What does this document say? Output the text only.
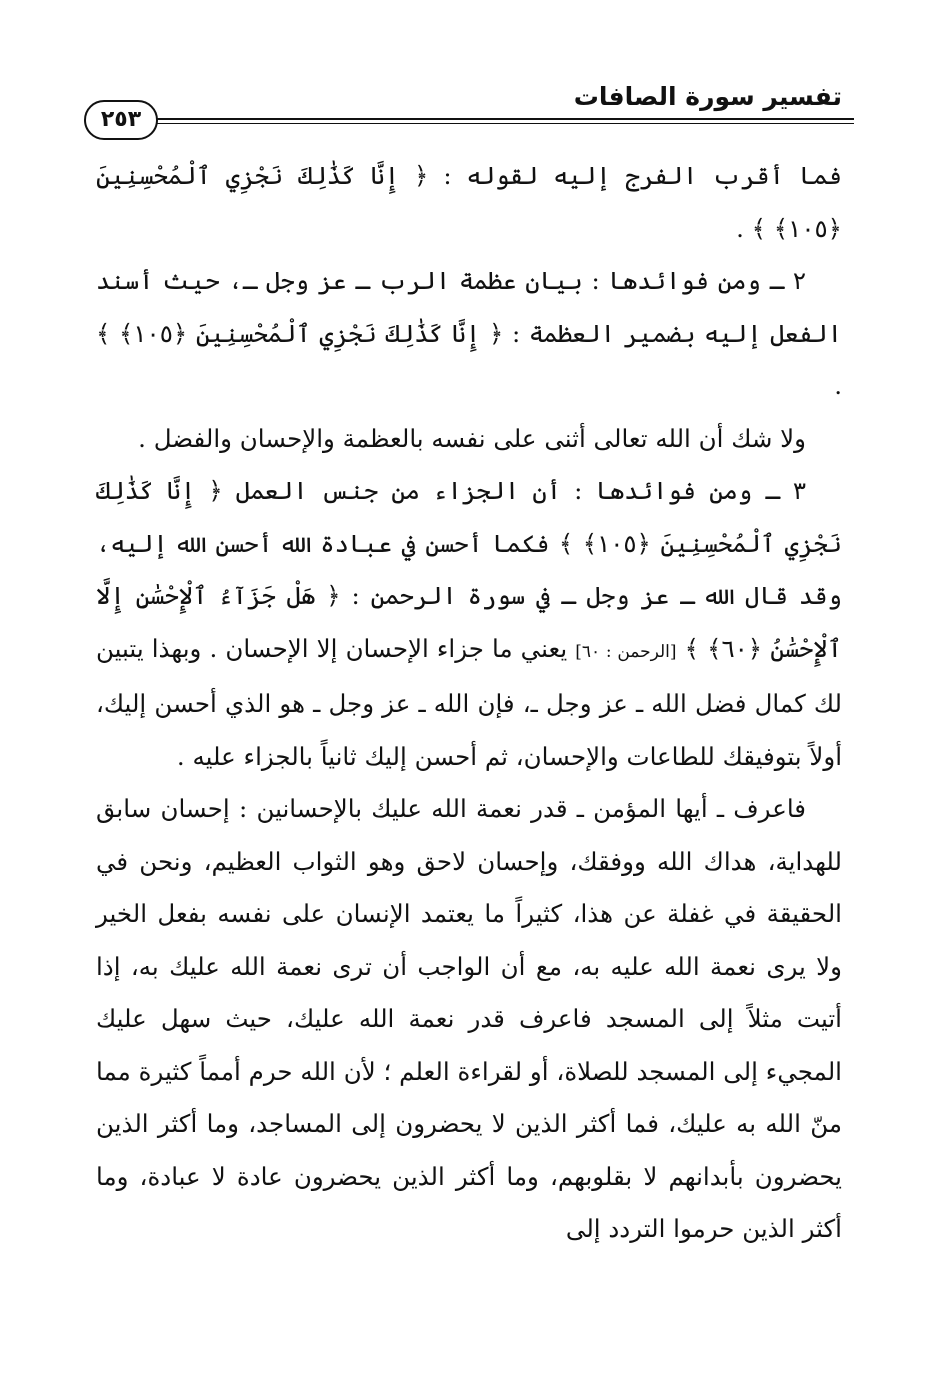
تفسير سورة الصافات
٢٥٣

فما أقرب الفرج إليه لقوله : ﴿ إِنَّا كَذَٰلِكَ نَجْزِي ٱلْمُحْسِنِينَ ﴿١٠٥﴾ ﴾ .

٢ ـ ومن فوائدها : بيان عظمة الرب ـ عز وجل ـ، حيث أسند الفعل إليه بضمير العظمة : ﴿ إِنَّا كَذَٰلِكَ نَجْزِي ٱلْمُحْسِنِينَ ﴿١٠٥﴾ ﴾ .

ولا شك أن الله تعالى أثنى على نفسه بالعظمة والإحسان والفضل .

٣ ـ ومن فوائدها : أن الجزاء من جنس العمل ﴿ إِنَّا كَذَٰلِكَ نَجْزِي ٱلْمُحْسِنِينَ ﴿١٠٥﴾ ﴾ فكما أحسن في عبادة الله أحسن الله إليه، وقد قال الله ـ عز وجل ـ في سورة الرحمن : ﴿ هَلْ جَزَآءُ ٱلْإِحْسَٰنِ إِلَّا ٱلْإِحْسَٰنُ ﴿٦٠﴾ ﴾ [الرحمن : ٦٠] يعني ما جزاء الإحسان إلا الإحسان . وبهذا يتبين لك كمال فضل الله ـ عز وجل ـ، فإن الله ـ عز وجل ـ هو الذي أحسن إليك، أولاً بتوفيقك للطاعات والإحسان، ثم أحسن إليك ثانياً بالجزاء عليه .

فاعرف ـ أيها المؤمن ـ قدر نعمة الله عليك بالإحسانين : إحسان سابق للهداية، هداك الله ووفقك، وإحسان لاحق وهو الثواب العظيم، ونحن في الحقيقة في غفلة عن هذا، كثيراً ما يعتمد الإنسان على نفسه بفعل الخير ولا يرى نعمة الله عليه به، مع أن الواجب أن ترى نعمة الله عليك به، إذا أتيت مثلاً إلى المسجد فاعرف قدر نعمة الله عليك، حيث سهل عليك المجيء إلى المسجد للصلاة، أو لقراءة العلم ؛ لأن الله حرم أمماً كثيرة مما منّ الله به عليك، فما أكثر الذين لا يحضرون إلى المساجد، وما أكثر الذين يحضرون بأبدانهم لا بقلوبهم، وما أكثر الذين يحضرون عادة لا عبادة، وما أكثر الذين حرموا التردد إلى
